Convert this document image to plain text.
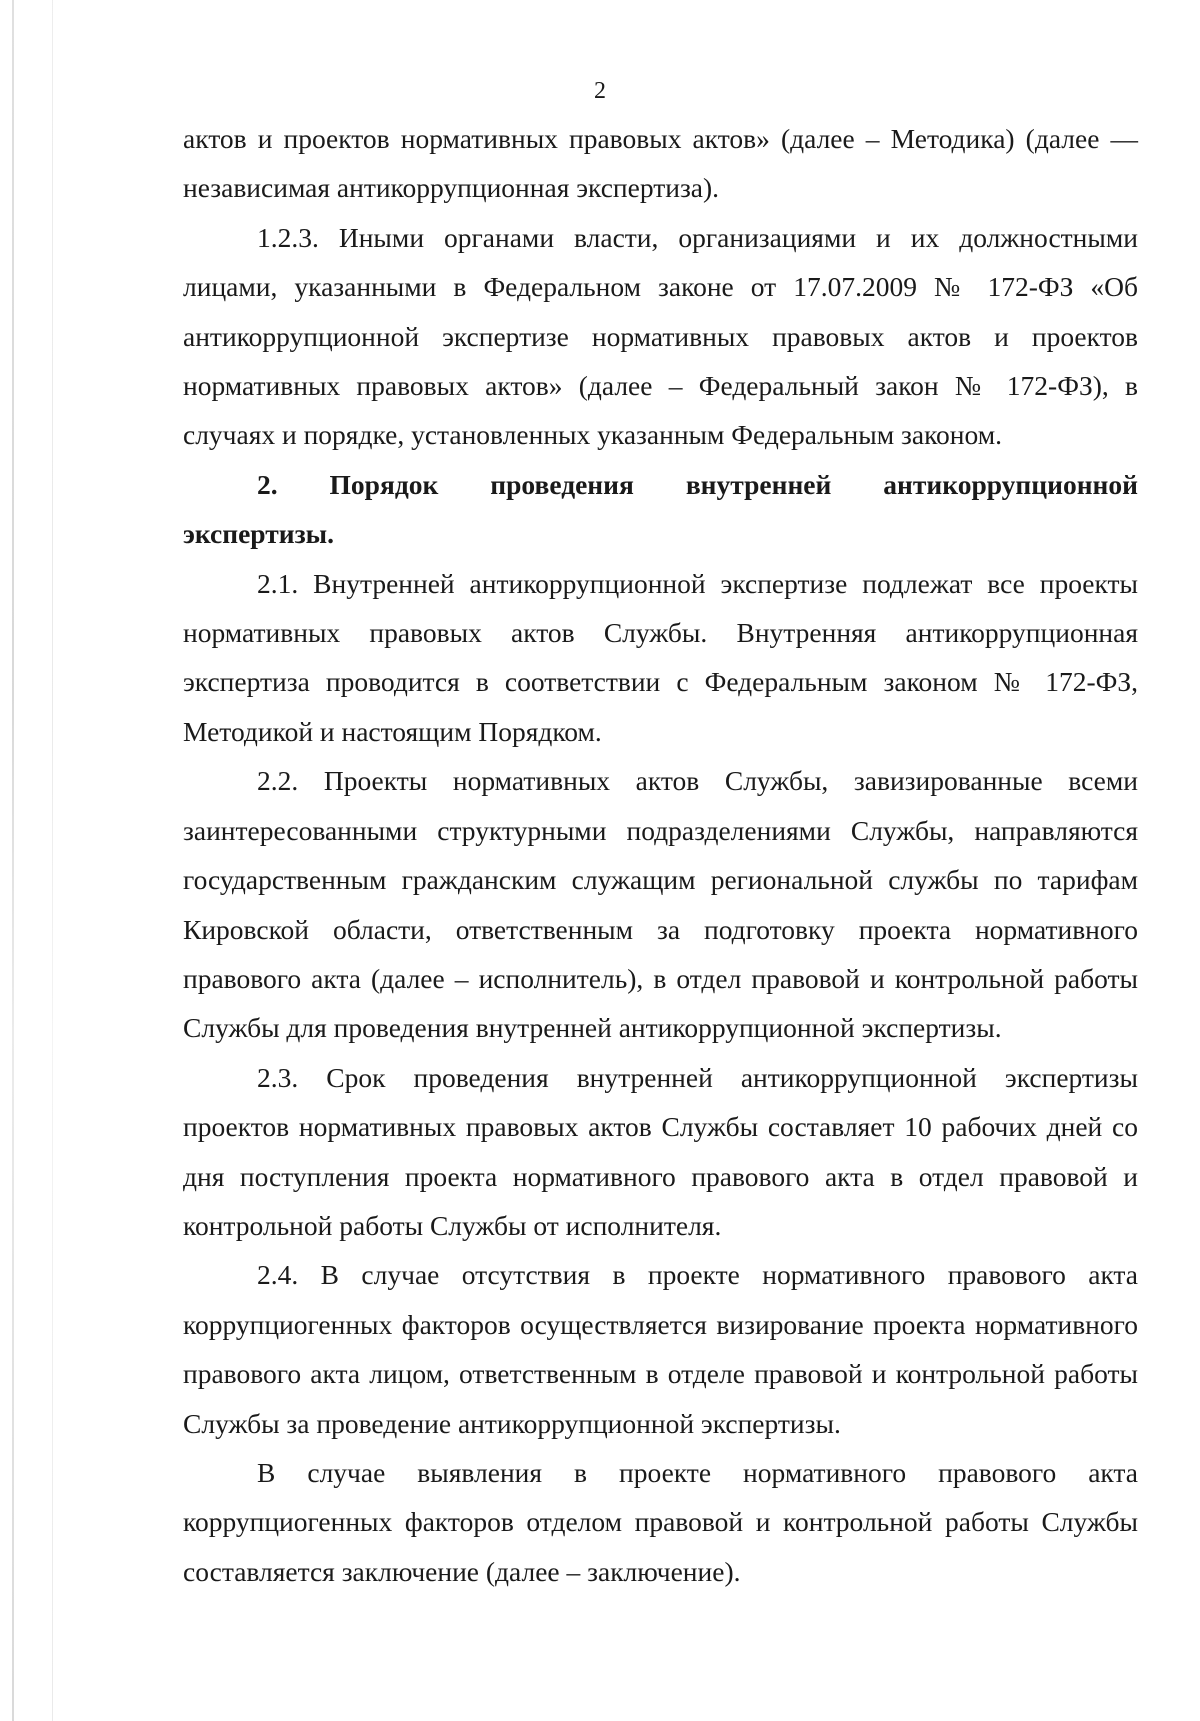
2

актов и проектов нормативных правовых актов» (далее – Методика) (далее — независимая антикоррупционная экспертиза).

1.2.3. Иными органами власти, организациями и их должностными лицами, указанными в Федеральном законе от 17.07.2009 № 172-ФЗ «Об антикоррупционной экспертизе нормативных правовых актов и проектов нормативных правовых актов» (далее – Федеральный закон № 172-ФЗ), в случаях и порядке, установленных указанным Федеральным законом.

2. Порядок проведения внутренней антикоррупционной
экспертизы.

2.1. Внутренней антикоррупционной экспертизе подлежат все проекты нормативных правовых актов Службы. Внутренняя антикоррупционная экспертиза проводится в соответствии с Федеральным законом № 172-ФЗ, Методикой и настоящим Порядком.

2.2. Проекты нормативных актов Службы, завизированные всеми заинтересованными структурными подразделениями Службы, направляются государственным гражданским служащим региональной службы по тарифам Кировской области, ответственным за подготовку проекта нормативного правового акта (далее – исполнитель), в отдел правовой и контрольной работы Службы для проведения внутренней антикоррупционной экспертизы.

2.3. Срок проведения внутренней антикоррупционной экспертизы проектов нормативных правовых актов Службы составляет 10 рабочих дней со дня поступления проекта нормативного правового акта в отдел правовой и контрольной работы Службы от исполнителя.

2.4. В случае отсутствия в проекте нормативного правового акта коррупциогенных факторов осуществляется визирование проекта нормативного правового акта лицом, ответственным в отделе правовой и контрольной работы Службы за проведение антикоррупционной экспертизы.

В случае выявления в проекте нормативного правового акта коррупциогенных факторов отделом правовой и контрольной работы Службы составляется заключение (далее – заключение).
